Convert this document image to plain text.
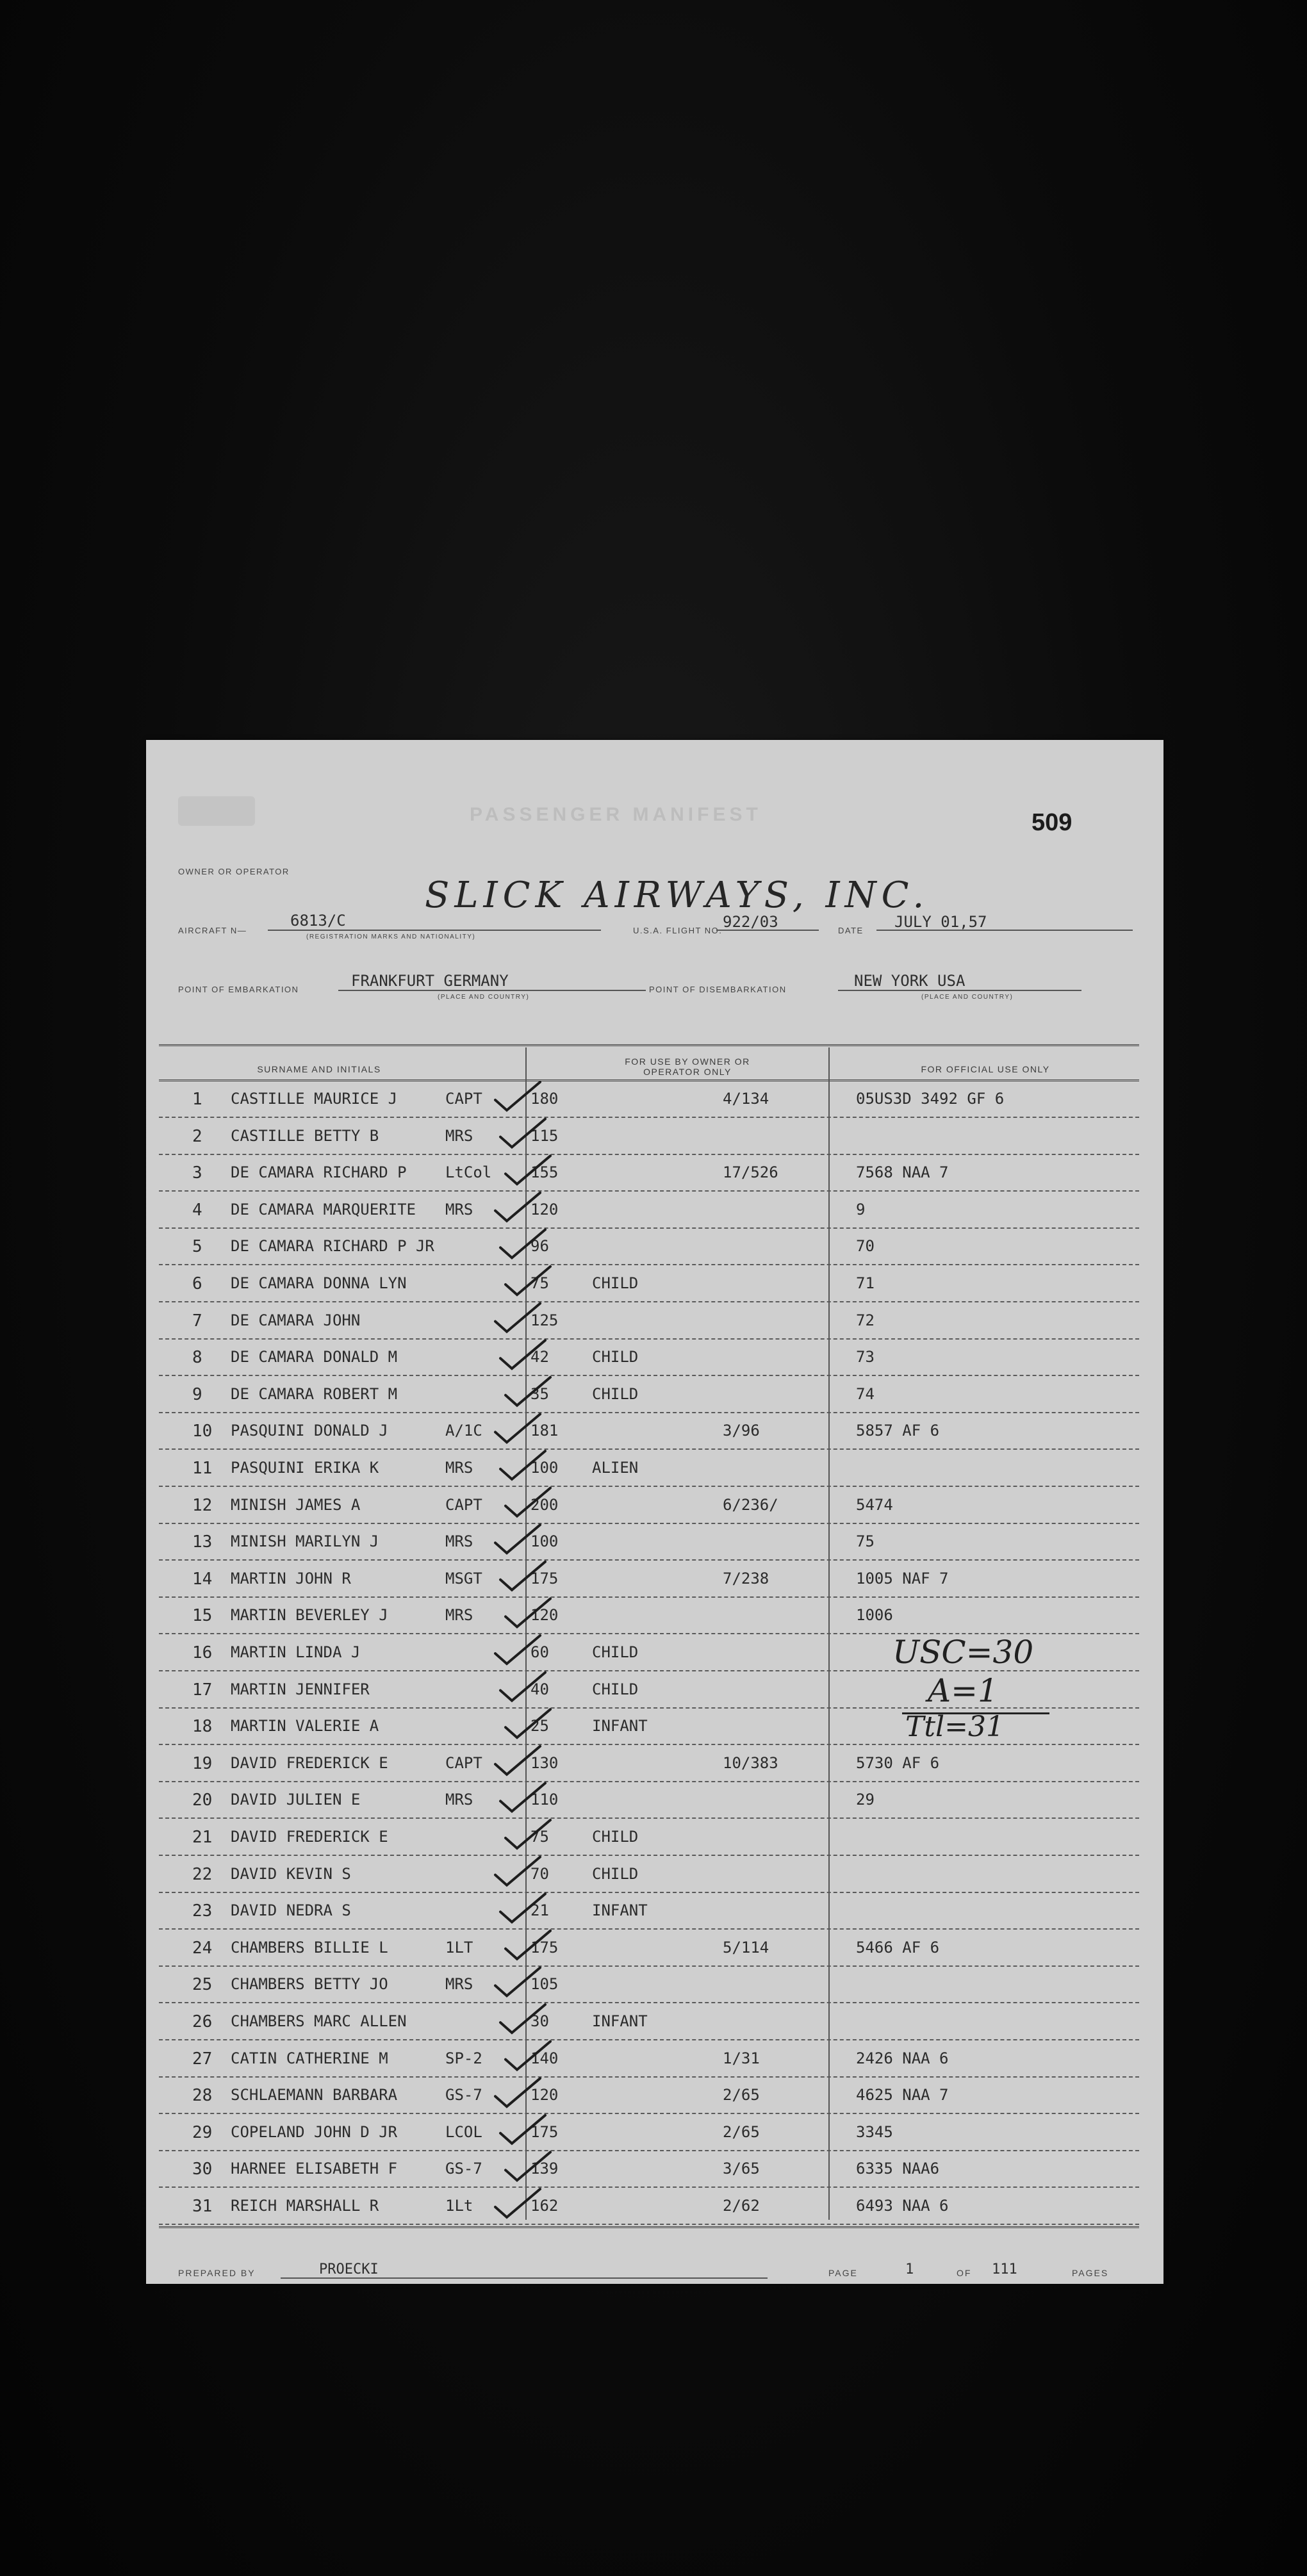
PASSENGER MANIFEST	509
OWNER OR OPERATOR
SLICK AIRWAYS, INC.
AIRCRAFT N—
6813/C
(REGISTRATION MARKS AND NATIONALITY)
U.S.A. FLIGHT NO. 922/03	DATE JULY 01,57
POINT OF EMBARKATION	FRANKFURT GERMANY
(PLACE AND COUNTRY)
POINT OF DISEMBARKATION	NEW YORK USA
(PLACE AND COUNTRY)
SURNAME AND INITIALS
FOR USE BY OWNER OR OPERATOR ONLY	FOR OFFICIAL USE ONLY
1 CASTILLE MAURICE J	CAPT	180	4/134	05US3D 3492 GF 6
2 CASTILLE BETTY B	MRS	115
3 DE CAMARA RICHARD P	LtCol	155	17/526	7568 NAA 7
4 DE CAMARA MARQUERITE MRS	120	9
5 DE CAMARA RICHARD P JR	96	70
6 DE CAMARA DONNA LYN	75	CHILD	71
7 DE CAMARA JOHN	125	72
8 DE CAMARA DONALD M	42	CHILD	73
9 DE CAMARA ROBERT M	35	CHILD	74
10 PASQUINI DONALD J	A/1C	181	3/96	5857 AF 6
11 PASQUINI ERIKA K	MRS	100 ALIEN
12 MINISH JAMES A	CAPT	200	6/236/	5474
13 MINISH MARILYN J	MRS	100	75
14 MARTIN JOHN R	MSGT	175	7/238	1005 NAF 7
15 MARTIN BEVERLEY J	MRS	120	1006
16 MARTIN LINDA J	60	CHILD
17 MARTIN JENNIFER	40	CHILD
18 MARTIN VALERIE A	25	INFANT
19 DAVID FREDERICK E	CAPT	130	10/383	5730 AF 6
20 DAVID JULIEN E	MRS	110	29
21 DAVID FREDERICK E	75	CHILD
22 DAVID KEVIN S	70	CHILD
23 DAVID NEDRA S	21	INFANT
24 CHAMBERS BILLIE L	1LT	175	5/114	5466 AF 6
25 CHAMBERS BETTY JO	MRS	105
26 CHAMBERS MARC ALLEN	30	INFANT
27 CATIN CATHERINE M	SP-2	140	1/31	2426 NAA 6
28 SCHLAEMANN BARBARA	GS-7	120	2/65	4625 NAA 7
29 COPELAND JOHN D JR	LCOL	175	2/65	3345
30 HARNEE ELISABETH F	GS-7	139	3/65	6335 NAA6
31 REICH MARSHALL R	1Lt	162	2/62	6493 NAA 6
USC=30
A=1
Ttl=31
PREPARED BY	PROECKI	PAGE	1	OF 111	PAGES
